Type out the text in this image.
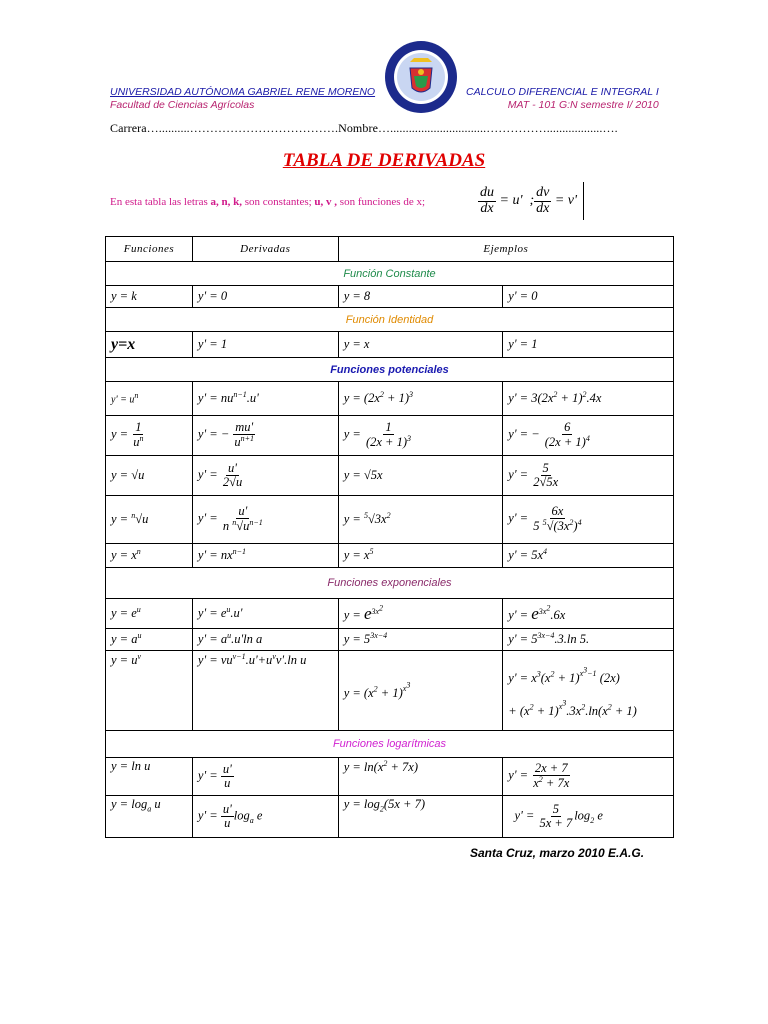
UNIVERSIDAD AUTÓNOMA GABRIEL RENE MORENO
Facultad de Ciencias Agrícolas
CALCULO DIFERENCIAL E INTEGRAL I
MAT - 101 G:N semestre I/ 2010
Carrera…..........……………………………….Nombre…...............................……………..................….
TABLA DE DERIVADAS
En esta tabla las letras a, n, k, son constantes; u, v , son funciones de x;	$\frac{du}{dx} = u'$  ; $\frac{dv}{dx} = v'$
Funciones	Derivadas	Ejemplos	
Función Constante			
y = k	y' = 0	y = 8	y' = 0
Función Identidad			
y=x	y' = 1	y = x	y' = 1
Funciones potenciales			
$y' = u^n$	$y' = nu^{n-1}.u'$	$y = (2x^2 + 1)^3$	$y' = 3(2x^2 + 1)^2.4x$
$y = \frac{1}{u^n}$	y' = − $\frac{mu'}{u^{n+1}}$	$y = \frac{1}{(2x + 1)^3}$	y' = − $\frac{6}{(2x + 1)^4}$

y = √u	$y' = \frac{u'}{2√u}$	y = √5x	$y' = \frac{5}{2√5x}$

y = $^n$√u	$y' = \frac{u'}{n ^n√u^{n-1}}$	$y = ^5√3x^2$	$y' = \frac{6x}{5 ^5√(3x^2)^4}$

$y = x^n$	$y' = nx^{n-1}$	$y = x^5$	$y' = 5x^4$
Funciones exponenciales			
$y = e^u$	$y' = e^u.u'$	$y = e^{3x^2}$	$y' = e^{3x^2}.6x$
$y = a^u$	$y' = a^u.u'\ln$ a	$y = 5^{3x-4}$	$y' = 5^{3x-4}.3.\ln$ 5.
$y = u^v$	$y' = vu^{v-1}.u'+u^vv'.\ln$ u	$y = (x^2 + 1)^{x^3}$	$y' = x^3(x^2 + 1)^{x^3-1}$ (2x)
+ $(x^2 + 1)^{x^3}.3x^2.\ln(x^2 + 1)$
Funciones logarítmicas			
y = ln u	$y' = \frac{u'}{u}$	$y = \ln(x^2 + 7x)$	$y' = \frac{2x + 7}{x^2 + 7x}$

$y = \log_a u$	$y' = \frac{u'}{u} \log_a e$	$y = \log_2(5x + 7)$	$y' = \frac{5}{5x + 7} \log_2 e$
Santa Cruz, marzo 2010 E.A.G.
